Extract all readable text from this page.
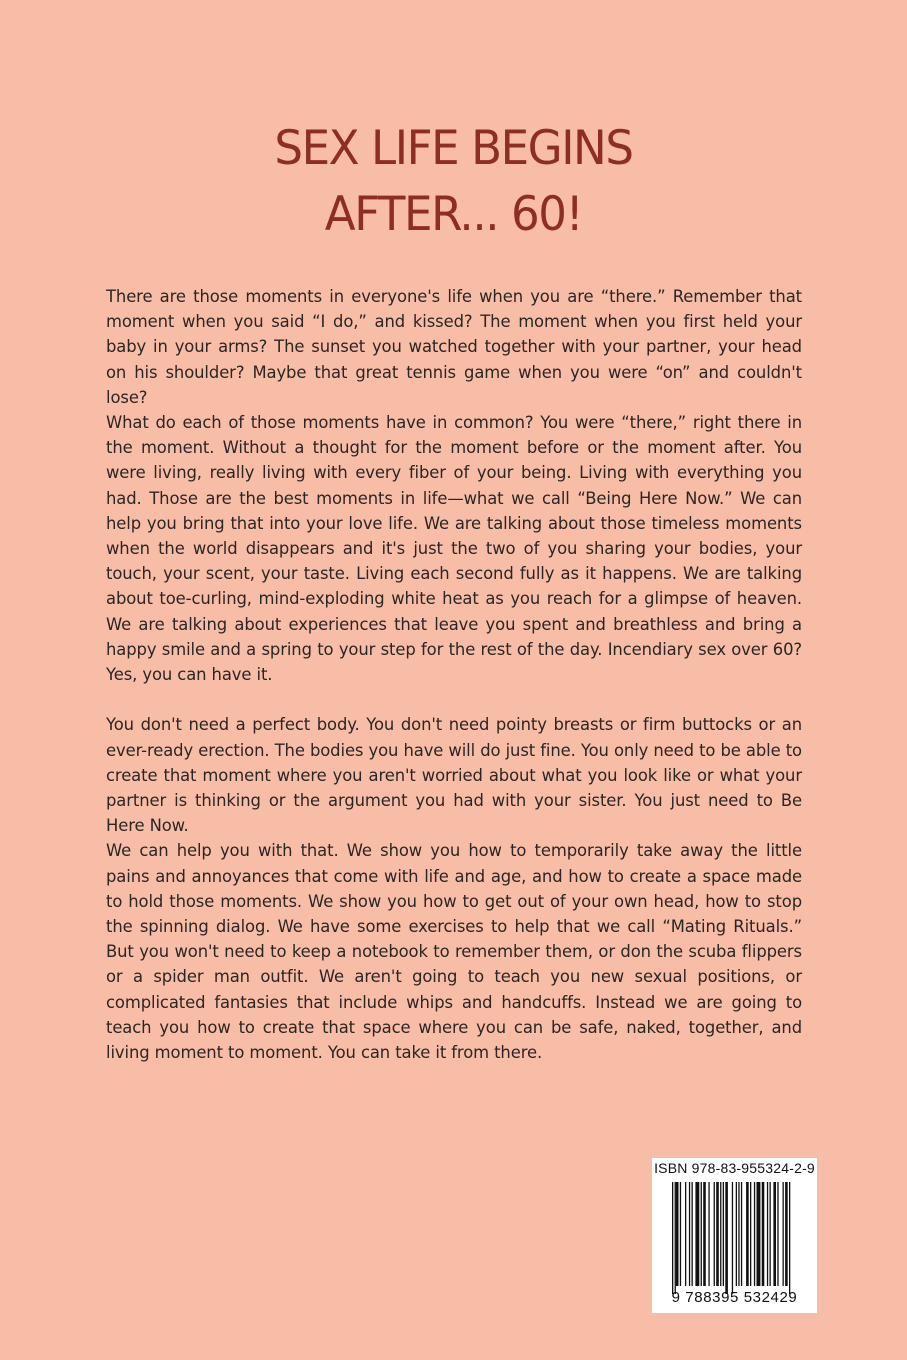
SEX LIFE BEGINS
AFTER... 60!

There are those moments in everyone's life when you are “there.” Remember that moment when you said “I do,” and kissed? The moment when you first held your baby in your arms? The sunset you watched together with your partner, your head on his shoulder? Maybe that great tennis game when you were “on” and couldn't lose?

What do each of those moments have in common? You were “there,” right there in the moment. Without a thought for the moment before or the moment after. You were living, really living with every fiber of your being. Living with everything you had. Those are the best moments in life—what we call “Being Here Now.” We can help you bring that into your love life. We are talking about those timeless moments when the world disappears and it's just the two of you sharing your bodies, your touch, your scent, your taste. Living each second fully as it happens. We are talking about toe-curling, mind-exploding white heat as you reach for a glimpse of heaven. We are talking about experiences that leave you spent and breathless and bring a happy smile and a spring to your step for the rest of the day. Incendiary sex over 60? Yes, you can have it.

You don't need a perfect body. You don't need pointy breasts or firm buttocks or an ever-ready erection. The bodies you have will do just fine. You only need to be able to create that moment where you aren't worried about what you look like or what your partner is thinking or the argument you had with your sister. You just need to Be Here Now.

We can help you with that. We show you how to temporarily take away the little pains and annoyances that come with life and age, and how to create a space made to hold those moments. We show you how to get out of your own head, how to stop the spinning dialog. We have some exercises to help that we call “Mating Rituals.” But you won't need to keep a notebook to remember them, or don the scuba flippers or a spider man outfit. We aren't going to teach you new sexual positions, or complicated fantasies that include whips and handcuffs. Instead we are going to teach you how to create that space where you can be safe, naked, together, and living moment to moment. You can take it from there.

ISBN 978-83-955324-2-9
9 788395 532429
